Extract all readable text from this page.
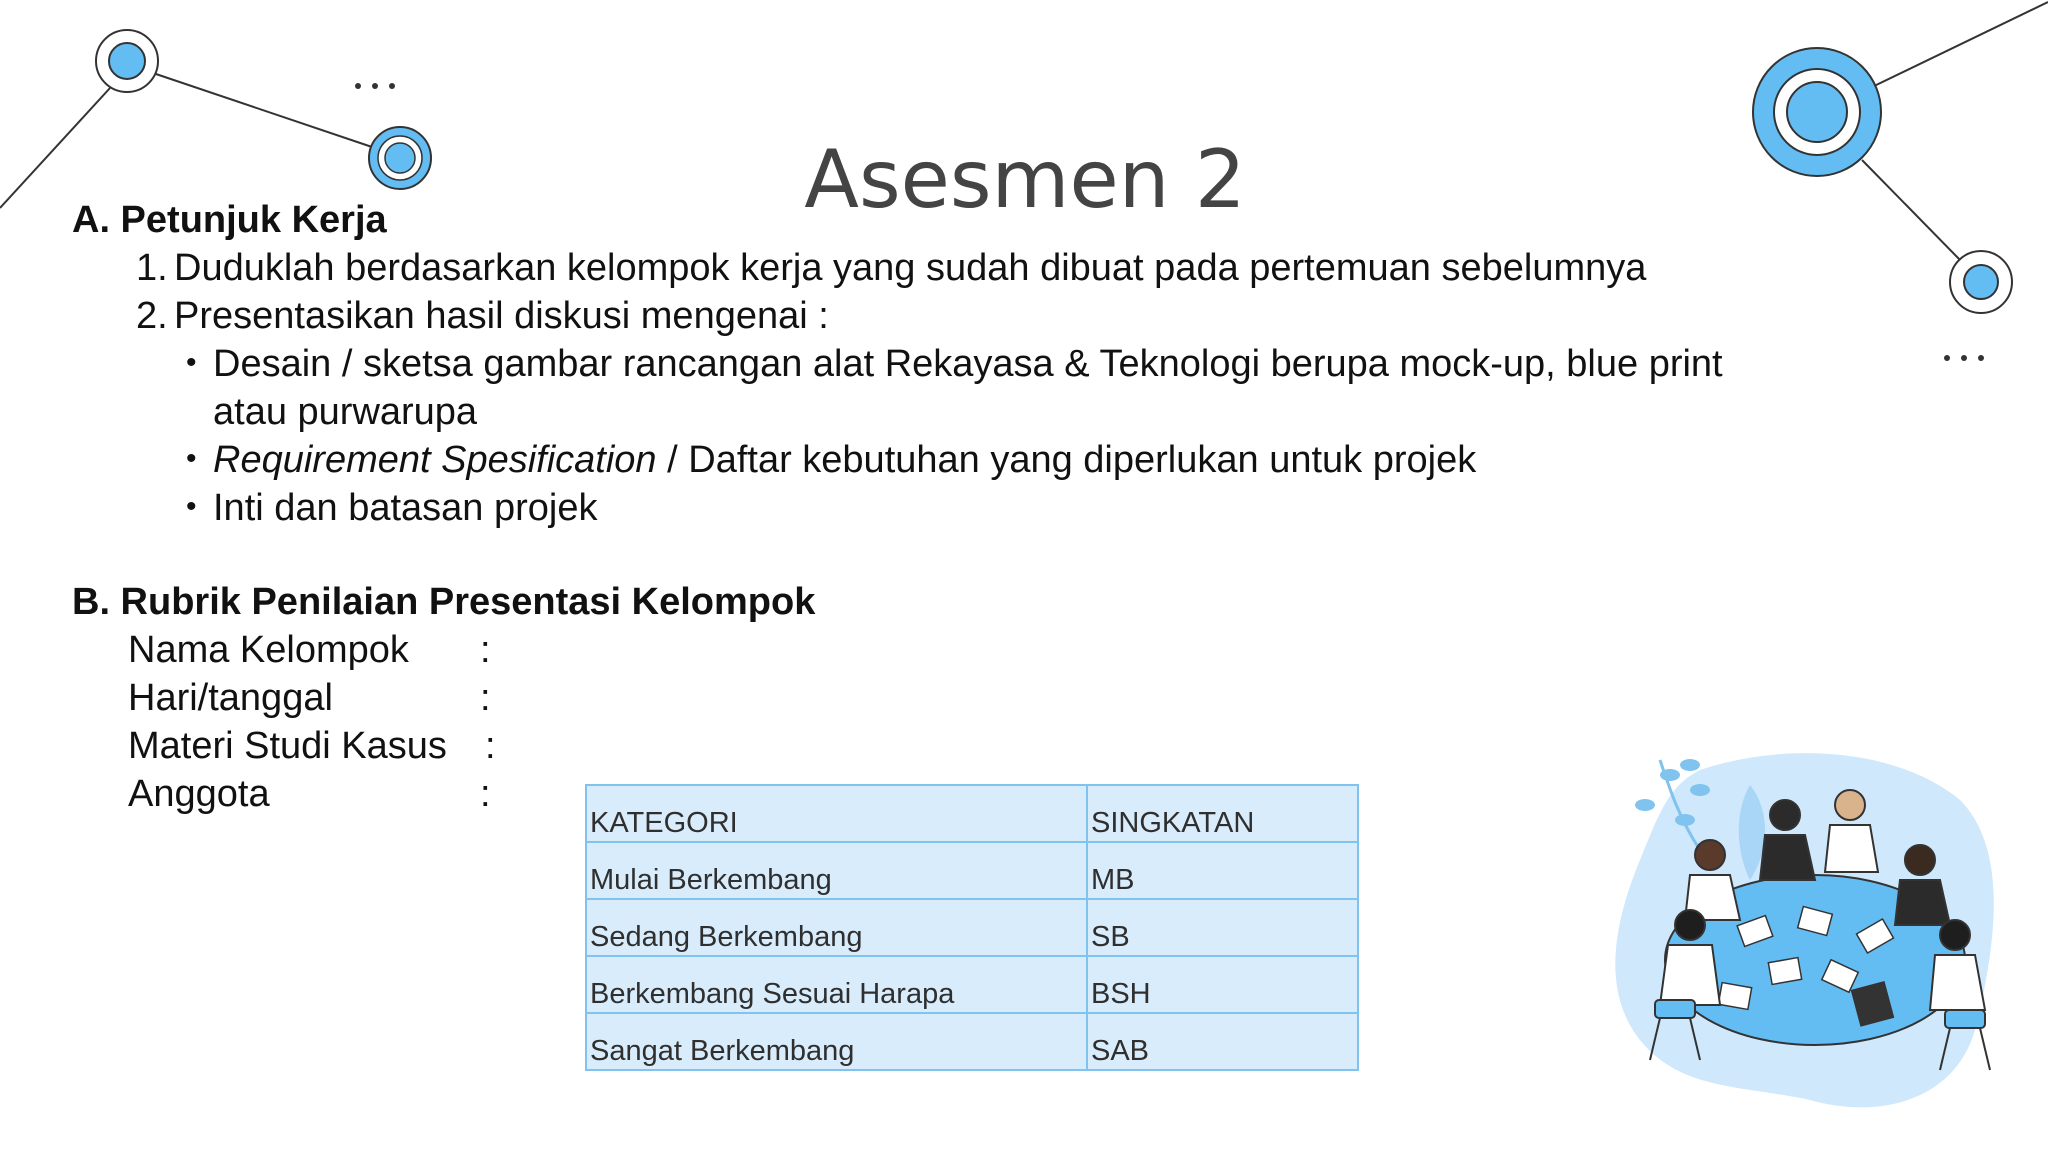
Asesmen 2
A. Petunjuk Kerja
1. Duduklah berdasarkan kelompok kerja yang sudah dibuat pada pertemuan sebelumnya
2. Presentasikan hasil diskusi mengenai :
• Desain / sketsa gambar rancangan alat Rekayasa & Teknologi berupa mock-up, blue print
atau purwarupa
• Requirement Spesification / Daftar kebutuhan yang diperlukan untuk projek
• Inti dan batasan projek
B. Rubrik Penilaian Presentasi Kelompok
Nama Kelompok :
Hari/tanggal	:
Materi Studi Kasus :
Anggota	:
KATEGORI	SINGKATAN
Mulai Berkembang	MB
Sedang Berkembang	SB
Berkembang Sesuai Harapa	BSH
Sangat Berkembang	SAB
